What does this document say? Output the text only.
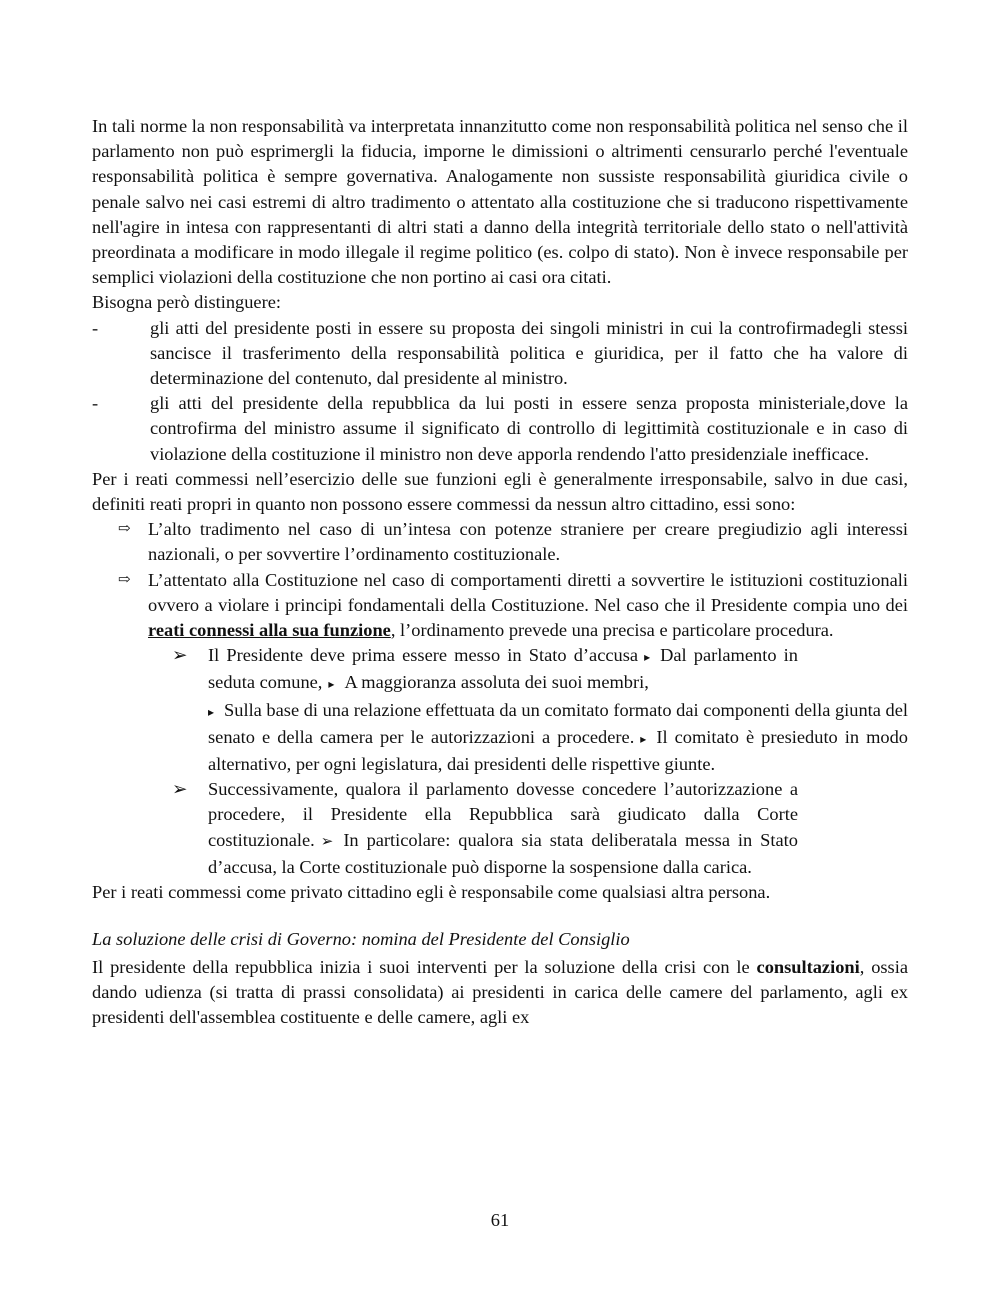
In tali norme la non responsabilità va interpretata innanzitutto come non responsabilità politica nel senso che il parlamento non può esprimergli la fiducia, imporne le dimissioni o altrimenti censurarlo perché l'eventuale responsabilità politica è sempre governativa. Analogamente non sussiste responsabilità giuridica civile o penale salvo nei casi estremi di altro tradimento o attentato alla costituzione che si traducono rispettivamente nell'agire in intesa con rappresentanti di altri stati a danno della integrità territoriale dello stato o nell'attività preordinata a modificare in modo illegale il regime politico (es. colpo di stato). Non è invece responsabile per semplici violazioni della costituzione che non portino ai casi ora citati.

Bisogna però distinguere:

-	gli atti del presidente posti in essere su proposta dei singoli ministri in cui la controfirmadegli stessi sancisce il trasferimento della responsabilità politica e giuridica, per il fatto che ha valore di determinazione del contenuto, dal presidente al ministro.
-	gli atti del presidente della repubblica da lui posti in essere senza proposta ministeriale,dove la controfirma del ministro assume il significato di controllo di legittimità costituzionale e in caso di violazione della costituzione il ministro non deve apporla rendendo l'atto presidenziale inefficace.

Per i reati commessi nell’esercizio delle sue funzioni egli è generalmente irresponsabile, salvo in due casi, definiti reati propri in quanto non possono essere commessi da nessun altro cittadino, essi sono:

⇨ L’alto tradimento nel caso di un’intesa con potenze straniere per creare pregiudizio agli interessi nazionali, o per sovvertire l’ordinamento costituzionale.
⇨ L’attentato alla Costituzione nel caso di comportamenti diretti a sovvertire le istituzioni costituzionali ovvero a violare i principi fondamentali della Costituzione. Nel caso che il Presidente compia uno dei reati connessi alla sua funzione, l’ordinamento prevede una precisa e particolare procedura.
➢	Il Presidente deve prima essere messo in Stato d’accusa ▸ Dal parlamento in seduta comune, ▸ A maggioranza assoluta dei suoi membri,
▸ Sulla base di una relazione effettuata da un comitato formato dai componenti della giunta del senato e della camera per le autorizzazioni a procedere. ▸ Il comitato è presieduto in modo alternativo, per ogni legislatura, dai presidenti delle rispettive giunte.
➢	Successivamente, qualora il parlamento dovesse concedere l’autorizzazione a procedere, il Presidente ella Repubblica sarà giudicato dalla Corte costituzionale. ➢ In particolare: qualora sia stata deliberatala messa in Stato d’accusa, la Corte costituzionale può disporne la sospensione dalla carica.

Per i reati commessi come privato cittadino egli è responsabile come qualsiasi altra persona.

La soluzione delle crisi di Governo: nomina del Presidente del Consiglio

Il presidente della repubblica inizia i suoi interventi per la soluzione della crisi con le consultazioni, ossia dando udienza (si tratta di prassi consolidata) ai presidenti in carica delle camere del parlamento, agli ex presidenti dell'assemblea costituente e delle camere, agli ex

61
